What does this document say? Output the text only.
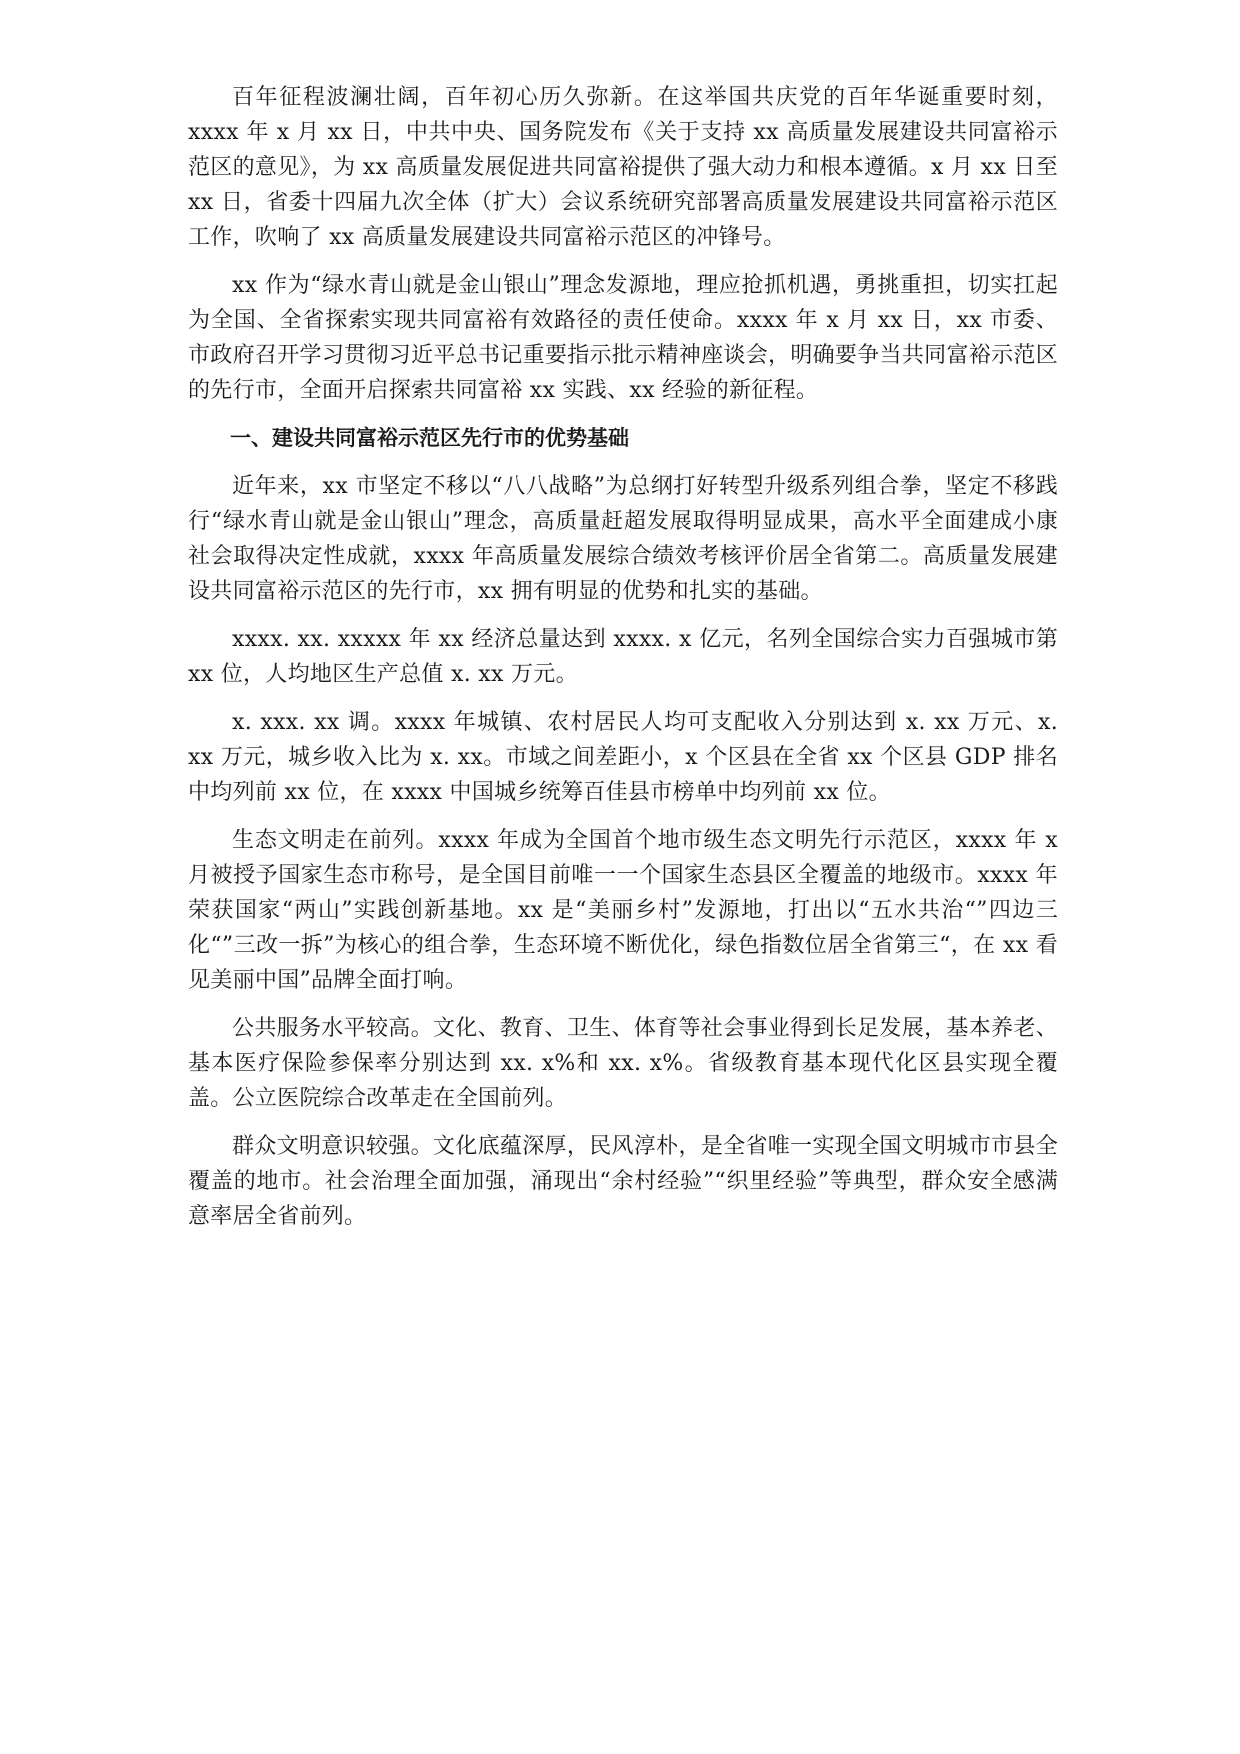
百年征程波澜壮阔，百年初心历久弥新。在这举国共庆党的百年华诞重要时刻，xxxx 年 x 月 xx 日，中共中央、国务院发布《关于支持 xx 高质量发展建设共同富裕示范区的意见》，为 xx 高质量发展促进共同富裕提供了强大动力和根本遵循。x 月 xx 日至 xx 日，省委十四届九次全体（扩大）会议系统研究部署高质量发展建设共同富裕示范区工作，吹响了 xx 高质量发展建设共同富裕示范区的冲锋号。

xx 作为“绿水青山就是金山银山”理念发源地，理应抢抓机遇，勇挑重担，切实扛起为全国、全省探索实现共同富裕有效路径的责任使命。xxxx 年 x 月 xx 日，xx 市委、市政府召开学习贯彻习近平总书记重要指示批示精神座谈会，明确要争当共同富裕示范区的先行市，全面开启探索共同富裕 xx 实践、xx 经验的新征程。

一、建设共同富裕示范区先行市的优势基础

近年来，xx 市坚定不移以“八八战略”为总纲打好转型升级系列组合拳，坚定不移践行“绿水青山就是金山银山”理念，高质量赶超发展取得明显成果，高水平全面建成小康社会取得决定性成就，xxxx 年高质量发展综合绩效考核评价居全省第二。高质量发展建设共同富裕示范区的先行市，xx 拥有明显的优势和扎实的基础。

xxxx. xx. xxxxx 年 xx 经济总量达到 xxxx. x 亿元，名列全国综合实力百强城市第 xx 位，人均地区生产总值 x. xx 万元。

x. xxx. xx 调。xxxx 年城镇、农村居民人均可支配收入分别达到 x. xx 万元、x. xx 万元，城乡收入比为 x. xx。市域之间差距小，x 个区县在全省 xx 个区县 GDP 排名中均列前 xx 位，在 xxxx 中国城乡统筹百佳县市榜单中均列前 xx 位。

生态文明走在前列。xxxx 年成为全国首个地市级生态文明先行示范区，xxxx 年 x 月被授予国家生态市称号，是全国目前唯一一个国家生态县区全覆盖的地级市。xxxx 年荣获国家“两山”实践创新基地。xx 是“美丽乡村”发源地，打出以“五水共治“”四边三化“”三改一拆”为核心的组合拳，生态环境不断优化，绿色指数位居全省第三“，在 xx 看见美丽中国”品牌全面打响。

公共服务水平较高。文化、教育、卫生、体育等社会事业得到长足发展，基本养老、基本医疗保险参保率分别达到 xx. x%和 xx. x%。省级教育基本现代化区县实现全覆盖。公立医院综合改革走在全国前列。

群众文明意识较强。文化底蕴深厚，民风淳朴，是全省唯一实现全国文明城市市县全覆盖的地市。社会治理全面加强，涌现出“余村经验”“织里经验”等典型，群众安全感满意率居全省前列。
